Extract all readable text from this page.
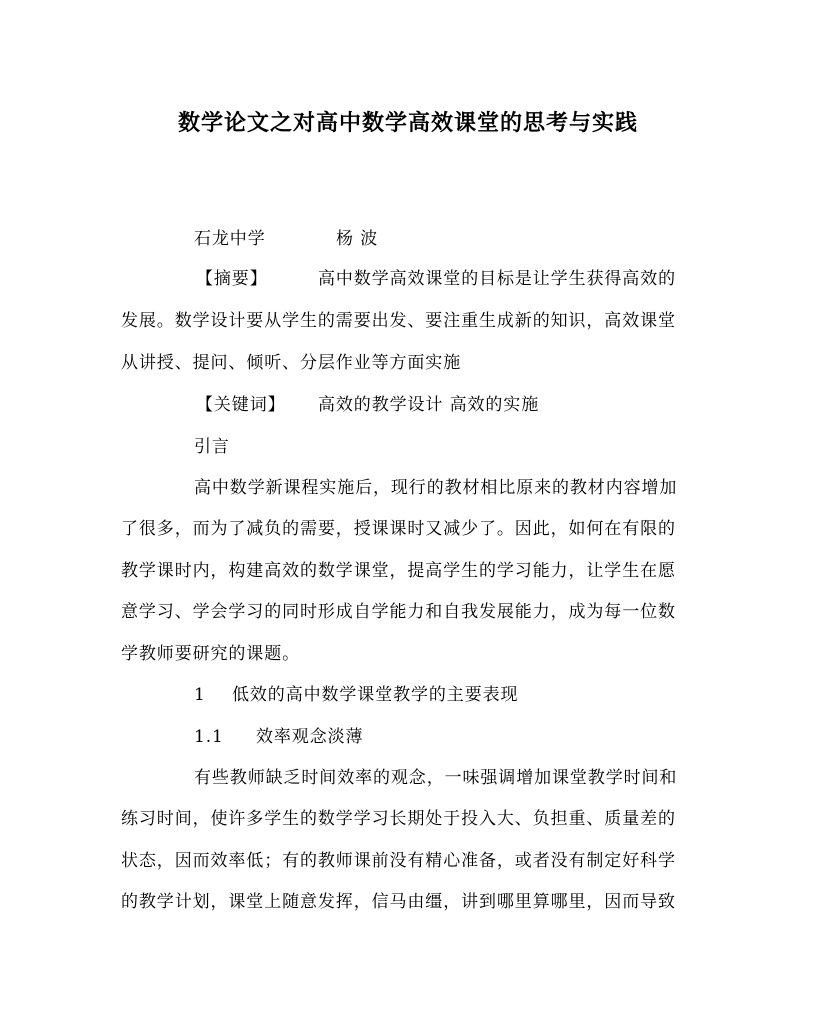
数学论文之对高中数学高效课堂的思考与实践
石龙中学	杨 波
【摘要】	高中数学高效课堂的目标是让学生获得高效的
发展。数学设计要从学生的需要出发、要注重生成新的知识，高效课堂
从讲授、提问、倾听、分层作业等方面实施
【关键词】 高效的教学设计 高效的实施
引言
高中数学新课程实施后，现行的教材相比原来的教材内容增加
了很多，而为了减负的需要，授课课时又减少了。因此，如何在有限的
教学课时内，构建高效的数学课堂，提高学生的学习能力，让学生在愿
意学习、学会学习的同时形成自学能力和自我发展能力，成为每一位数
学教师要研究的课题。
1 低效的高中数学课堂教学的主要表现
1.1 效率观念淡薄
有些教师缺乏时间效率的观念，一味强调增加课堂教学时间和
练习时间，使许多学生的数学学习长期处于投入大、负担重、质量差的
状态，因而效率低；有的教师课前没有精心准备，或者没有制定好科学
的教学计划，课堂上随意发挥，信马由缰，讲到哪里算哪里，因而导致
